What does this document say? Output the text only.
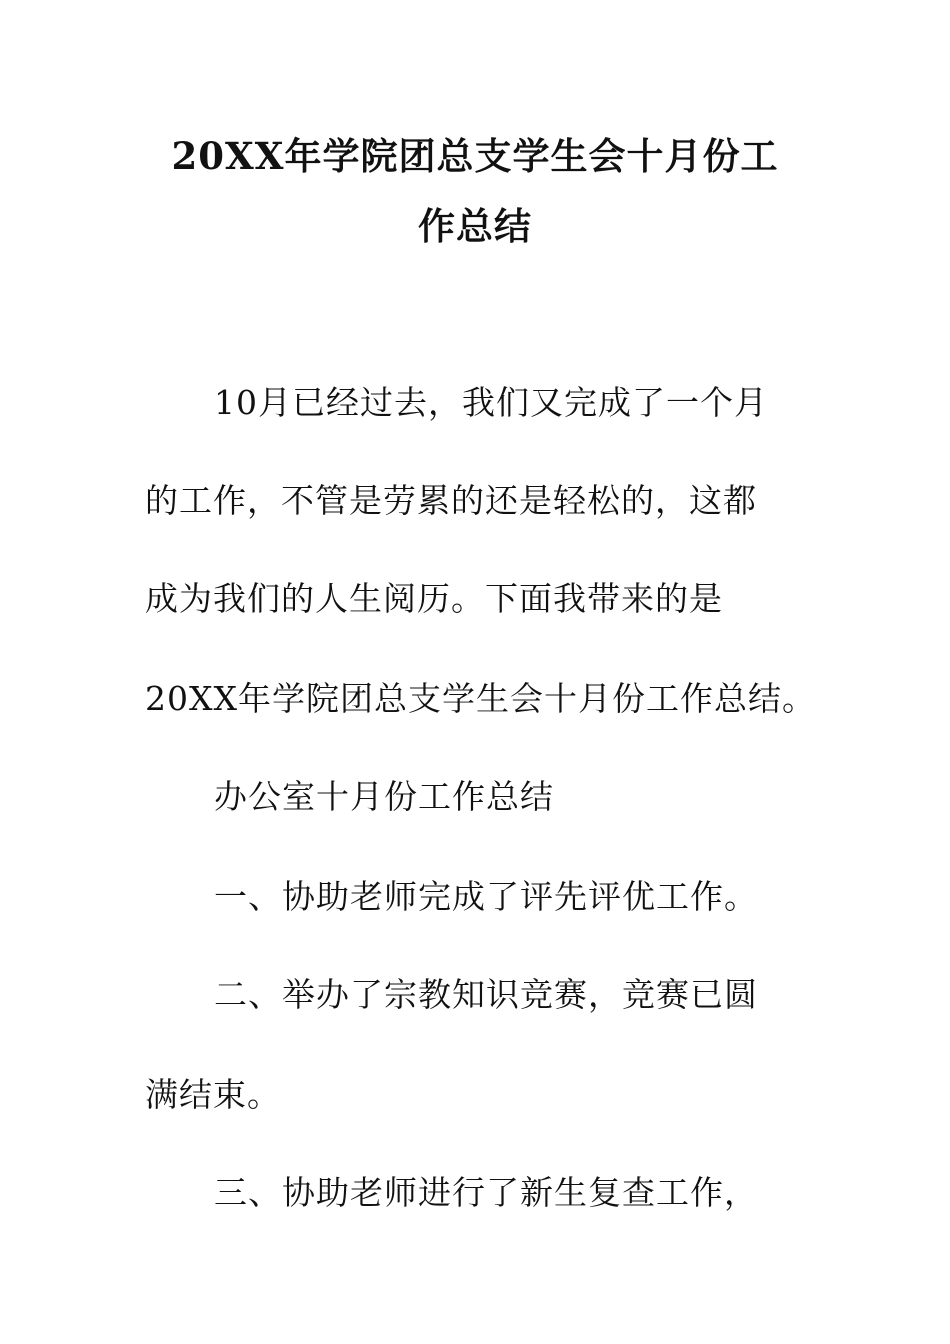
20XX年学院团总支学生会十月份工
作总结
10月已经过去，我们又完成了一个月
的工作，不管是劳累的还是轻松的，这都
成为我们的人生阅历。下面我带来的是
20XX年学院团总支学生会十月份工作总结。
办公室十月份工作总结
一、协助老师完成了评先评优工作。
二、举办了宗教知识竞赛，竞赛已圆
满结束。
三、协助老师进行了新生复查工作，
